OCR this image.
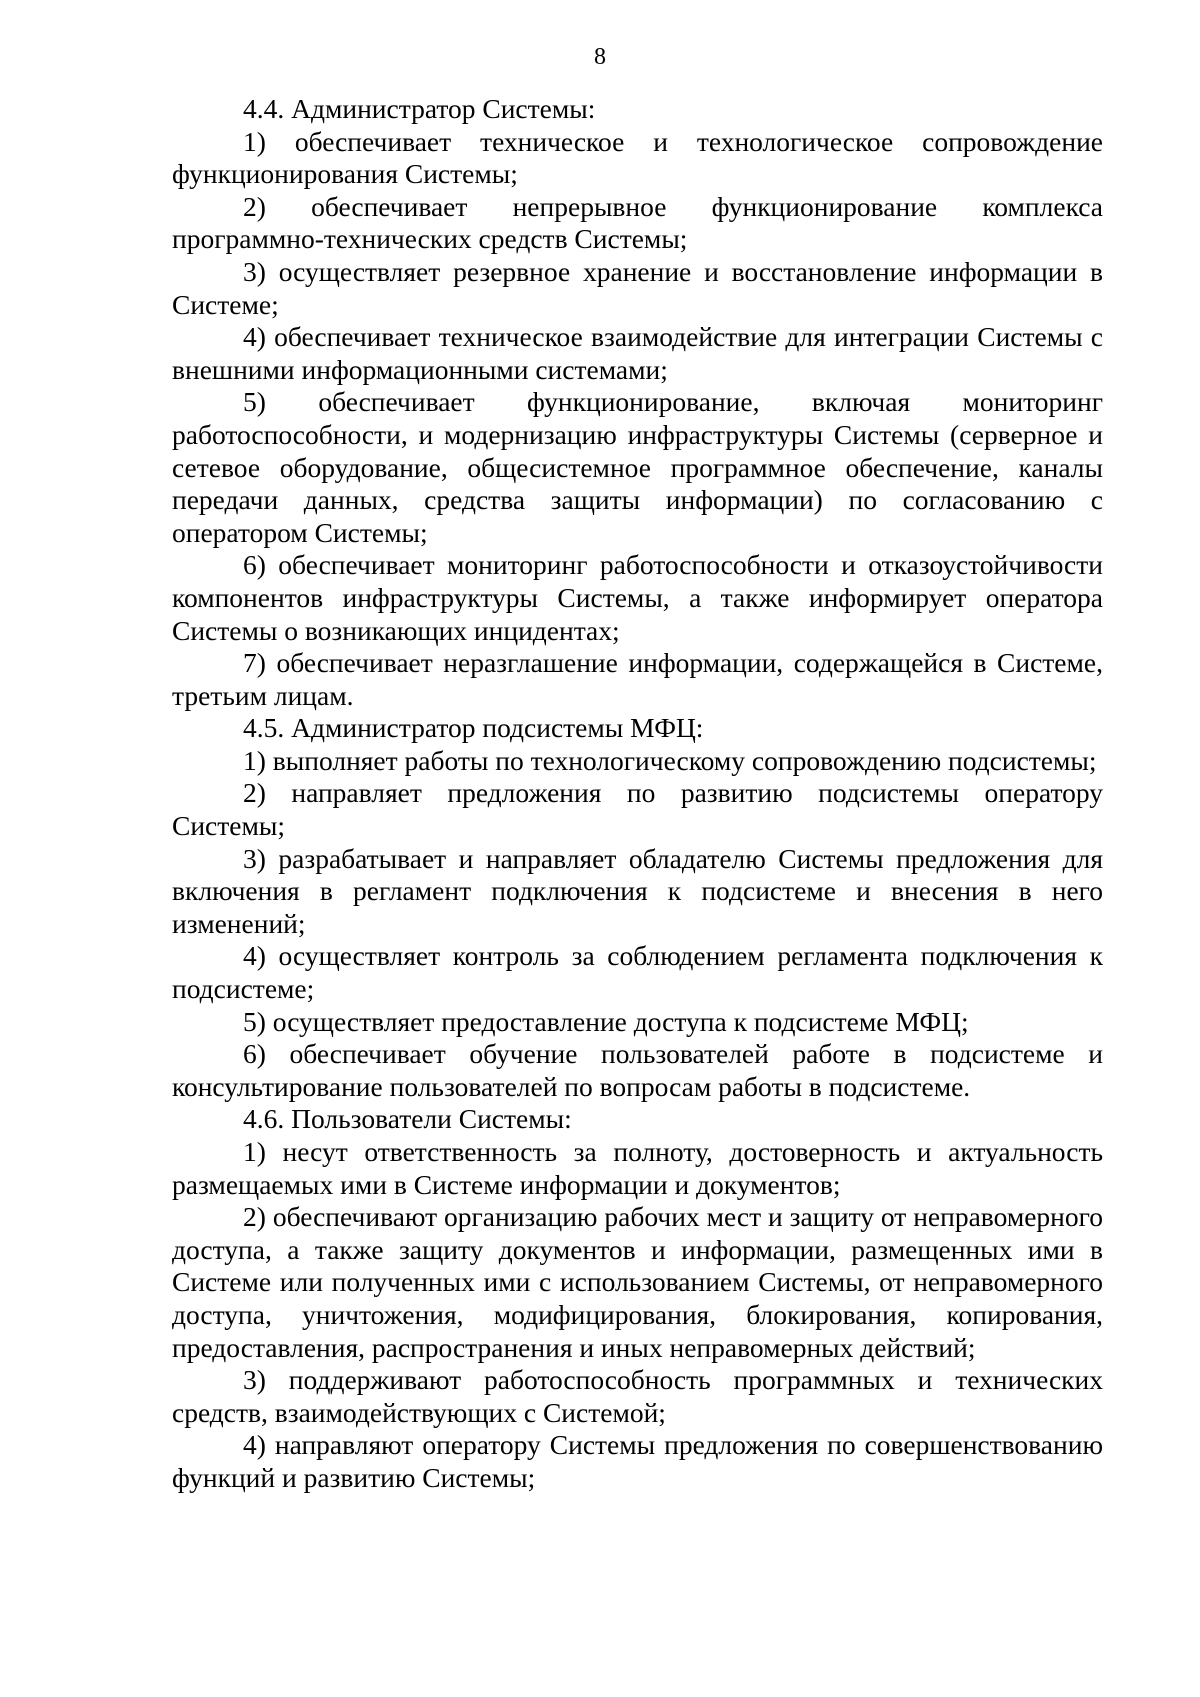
8

4.4. Администратор Системы:

1) обеспечивает техническое и технологическое сопровождение функционирования Системы;

2) обеспечивает непрерывное функционирование комплекса программно-технических средств Системы;

3) осуществляет резервное хранение и восстановление информации в Системе;

4) обеспечивает техническое взаимодействие для интеграции Системы с внешними информационными системами;

5) обеспечивает функционирование, включая мониторинг работоспособности, и модернизацию инфраструктуры Системы (серверное и сетевое оборудование, общесистемное программное обеспечение, каналы передачи данных, средства защиты информации) по согласованию с оператором Системы;

6) обеспечивает мониторинг работоспособности и отказоустойчивости компонентов инфраструктуры Системы, а также информирует оператора Системы о возникающих инцидентах;

7) обеспечивает неразглашение информации, содержащейся в Системе, третьим лицам.

4.5. Администратор подсистемы МФЦ:

1) выполняет работы по технологическому сопровождению подсистемы;

2) направляет предложения по развитию подсистемы оператору Системы;

3) разрабатывает и направляет обладателю Системы предложения для включения в регламент подключения к подсистеме и внесения в него изменений;

4) осуществляет контроль за соблюдением регламента подключения к подсистеме;

5) осуществляет предоставление доступа к подсистеме МФЦ;

6) обеспечивает обучение пользователей работе в подсистеме и консультирование пользователей по вопросам работы в подсистеме.

4.6. Пользователи Системы:

1) несут ответственность за полноту, достоверность и актуальность размещаемых ими в Системе информации и документов;

2) обеспечивают организацию рабочих мест и защиту от неправомерного доступа, а также защиту документов и информации, размещенных ими в Системе или полученных ими с использованием Системы, от неправомерного доступа, уничтожения, модифицирования, блокирования, копирования, предоставления, распространения и иных неправомерных действий;

3) поддерживают работоспособность программных и технических средств, взаимодействующих с Системой;

4) направляют оператору Системы предложения по совершенствованию функций и развитию Системы;
